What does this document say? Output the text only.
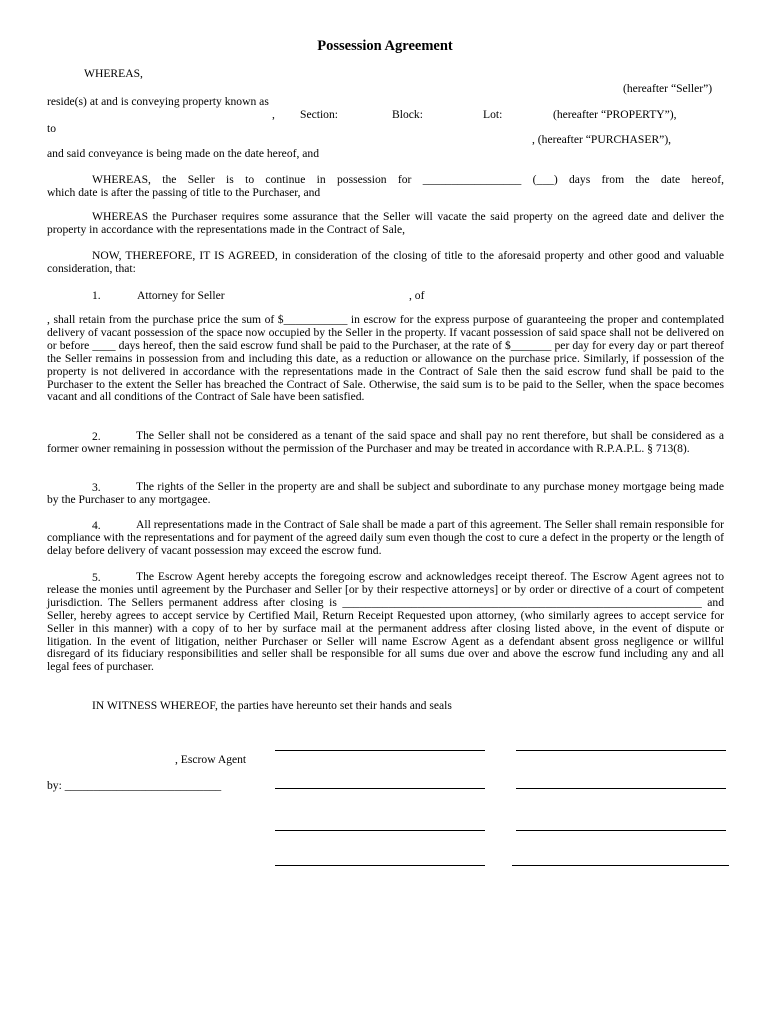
Possession Agreement
WHEREAS,
(hereafter “Seller”)
reside(s) at and is conveying property known as
, Section:	Block:	Lot:	(hereafter “PROPERTY”),
to
, (hereafter “PURCHASER”),
and said conveyance is being made on the date hereof, and
WHEREAS, the Seller is to continue in possession for _________________ (___) days from the date hereof,
which date is after the passing of title to the Purchaser, and
WHEREAS the Purchaser requires some assurance that the Seller will vacate the said property on the agreed date and deliver the property in accordance with the representations made in the Contract of Sale,
NOW, THEREFORE, IT IS AGREED, in consideration of the closing of title to the aforesaid property and other good and valuable consideration, that:
1.	Attorney for Seller	, of
, shall retain from the purchase price the sum of $___________ in escrow for the express purpose of guaranteeing the proper and contemplated delivery of vacant possession of the space now occupied by the Seller in the property. If vacant possession of said space shall not be delivered on or before ____ days hereof, then the said escrow fund shall be paid to the Purchaser, at the rate of $_______ per day for every day or part thereof the Seller remains in possession from and including this date, as a reduction or allowance on the purchase price. Similarly, if possession of the property is not delivered in accordance with the representations made in the Contract of Sale then the said escrow fund shall be paid to the Purchaser to the extent the Seller has breached the Contract of Sale. Otherwise, the said sum is to be paid to the Seller, when the space becomes vacant and all conditions of the Contract of Sale have been satisfied.
2.	The Seller shall not be considered as a tenant of the said space and shall pay no rent therefore, but shall be considered as a former owner remaining in possession without the permission of the Purchaser and may be treated in accordance with R.P.A.P.L. § 713(8).
3.	The rights of the Seller in the property are and shall be subject and subordinate to any purchase money mortgage being made by the Purchaser to any mortgagee.
4.	All representations made in the Contract of Sale shall be made a part of this agreement. The Seller shall remain responsible for compliance with the representations and for payment of the agreed daily sum even though the cost to cure a defect in the property or the length of delay before delivery of vacant possession may exceed the escrow fund.
5.	The Escrow Agent hereby accepts the foregoing escrow and acknowledges receipt thereof. The Escrow Agent agrees not to release the monies until agreement by the Purchaser and Seller [or by their respective attorneys] or by order or directive of a court of competent jurisdiction. The Sellers permanent address after closing is ______________________________________________________________ and Seller, hereby agrees to accept service by Certified Mail, Return Receipt Requested upon attorney, (who similarly agrees to accept service for Seller in this manner) with a copy of to her by surface mail at the permanent address after closing listed above, in the event of dispute or litigation. In the event of litigation, neither Purchaser or Seller will name Escrow Agent as a defendant absent gross negligence or willful disregard of its fiduciary responsibilities and seller shall be responsible for all sums due over and above the escrow fund including any and all legal fees of purchaser.
IN WITNESS WHEREOF, the parties have hereunto set their hands and seals
, Escrow Agent
by: ___________________________
